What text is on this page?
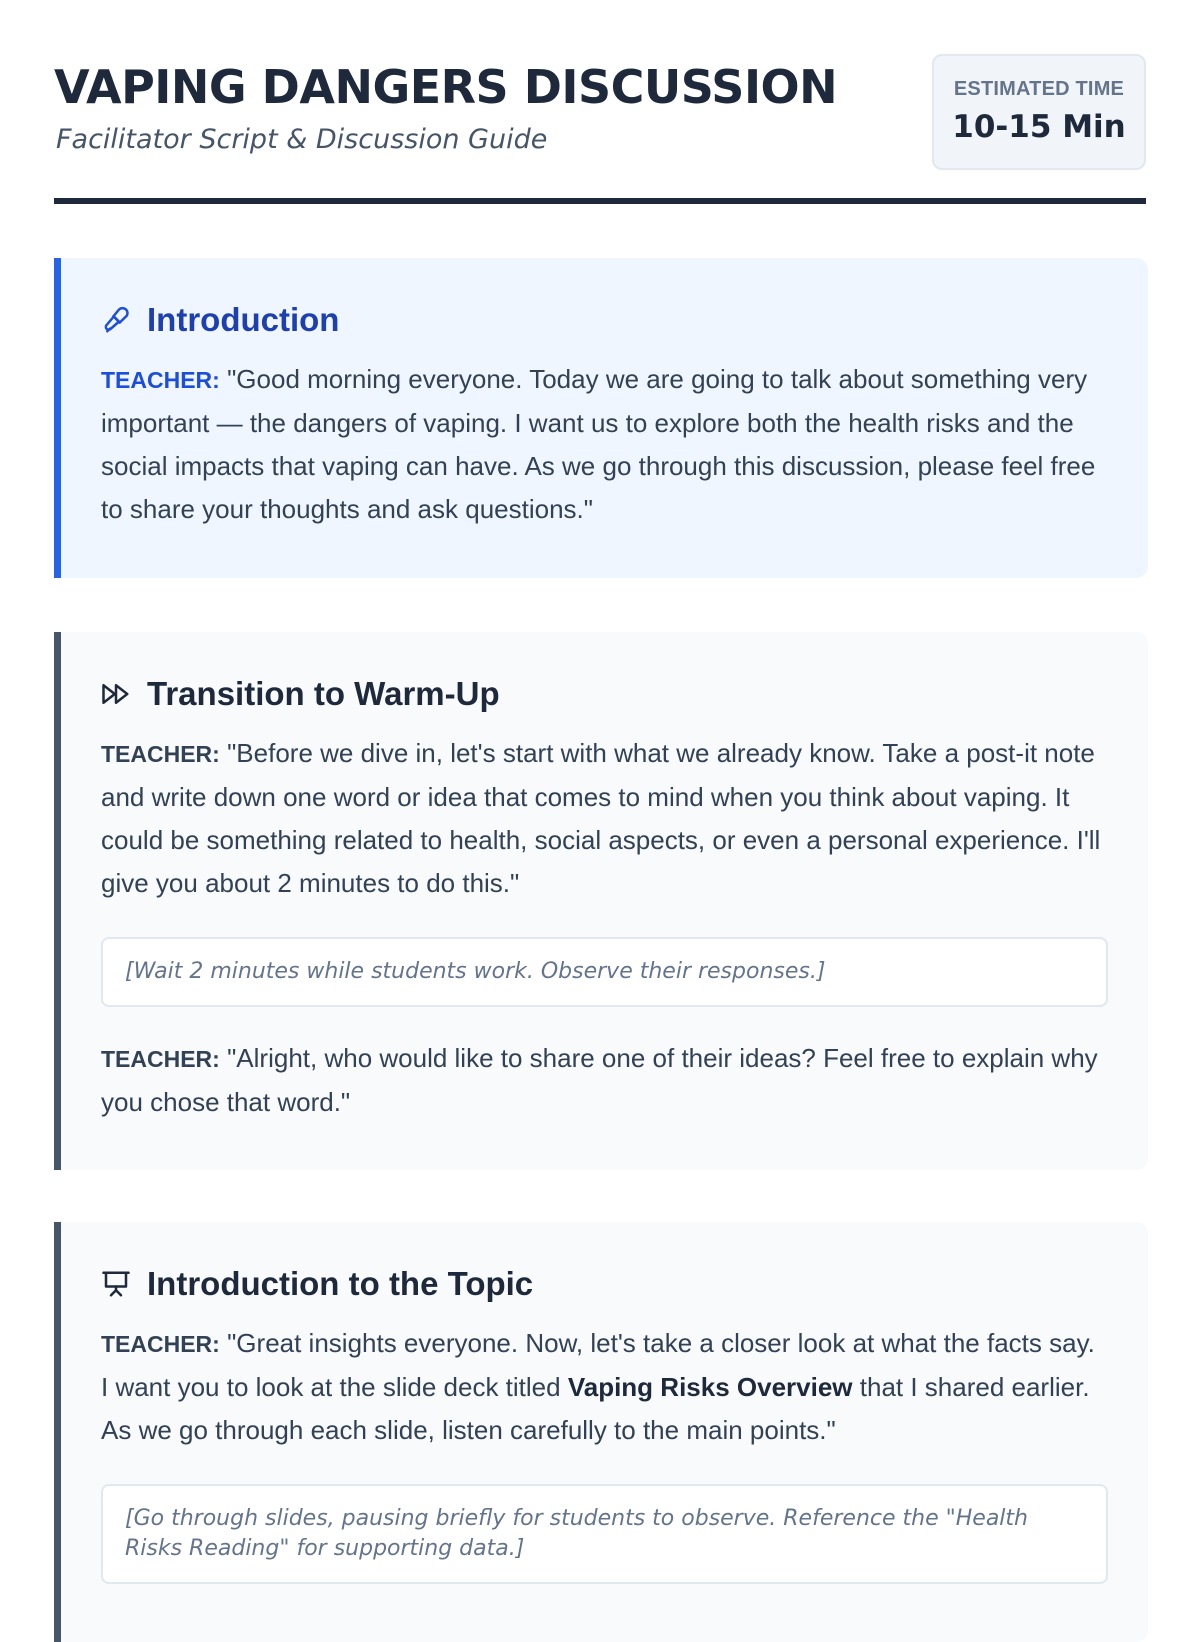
VAPING DANGERS DISCUSSION
Facilitator Script & Discussion Guide
ESTIMATED TIME
10-15 Min
Introduction

TEACHER: "Good morning everyone. Today we are going to talk about something very important — the dangers of vaping. I want us to explore both the health risks and the social impacts that vaping can have. As we go through this discussion, please feel free to share your thoughts and ask questions."

Transition to Warm-Up

TEACHER: "Before we dive in, let's start with what we already know. Take a post-it note and write down one word or idea that comes to mind when you think about vaping. It could be something related to health, social aspects, or even a personal experience. I'll give you about 2 minutes to do this."

[Wait 2 minutes while students work. Observe their responses.]

TEACHER: "Alright, who would like to share one of their ideas? Feel free to explain why you chose that word."

Introduction to the Topic

TEACHER: "Great insights everyone. Now, let's take a closer look at what the facts say. I want you to look at the slide deck titled Vaping Risks Overview that I shared earlier. As we go through each slide, listen carefully to the main points."

[Go through slides, pausing briefly for students to observe. Reference the "Health Risks Reading" for supporting data.]
